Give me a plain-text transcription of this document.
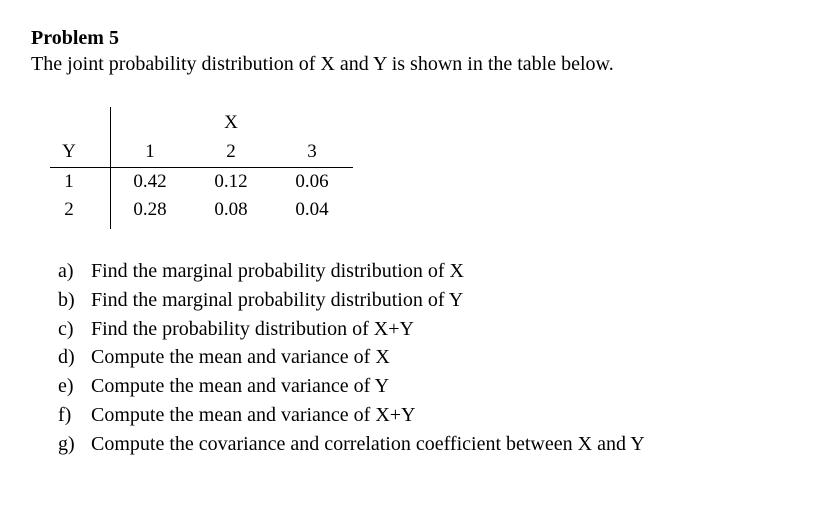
Problem 5
The joint probability distribution of X and Y is shown in the table below.
X
Y	1	2	3
1	0.42	0.12	0.06
2	0.28	0.08	0.04
a) Find the marginal probability distribution of X
b) Find the marginal probability distribution of Y
c) Find the probability distribution of X+Y
d) Compute the mean and variance of X
e) Compute the mean and variance of Y
f) Compute the mean and variance of X+Y
g) Compute the covariance and correlation coefficient between X and Y
